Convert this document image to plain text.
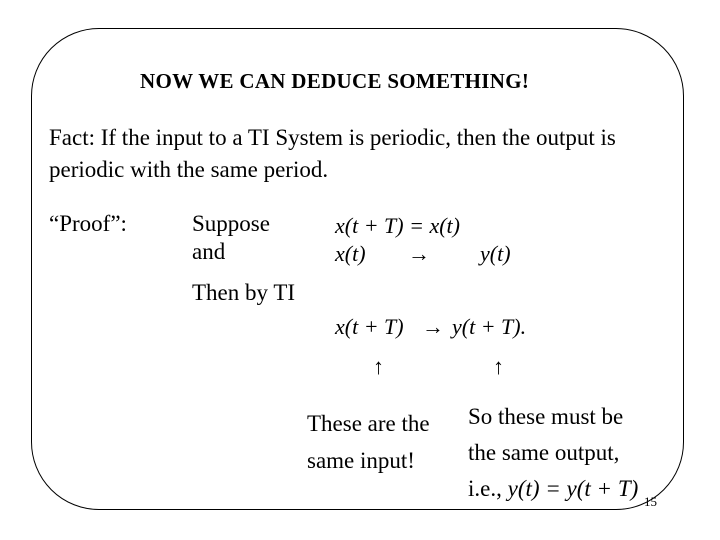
NOW WE CAN DEDUCE SOMETHING!
Fact: If the input to a TI System is periodic, then the output is
periodic with the same period.
“Proof”:	Suppose
and
x(t + T) = x(t)
x(t) → y(t)
Then by TI
x(t + T) → y(t + T).
↑	↑
These are the
same input!
So these must be
the same output,
i.e., y(t) = y(t + T)
15
